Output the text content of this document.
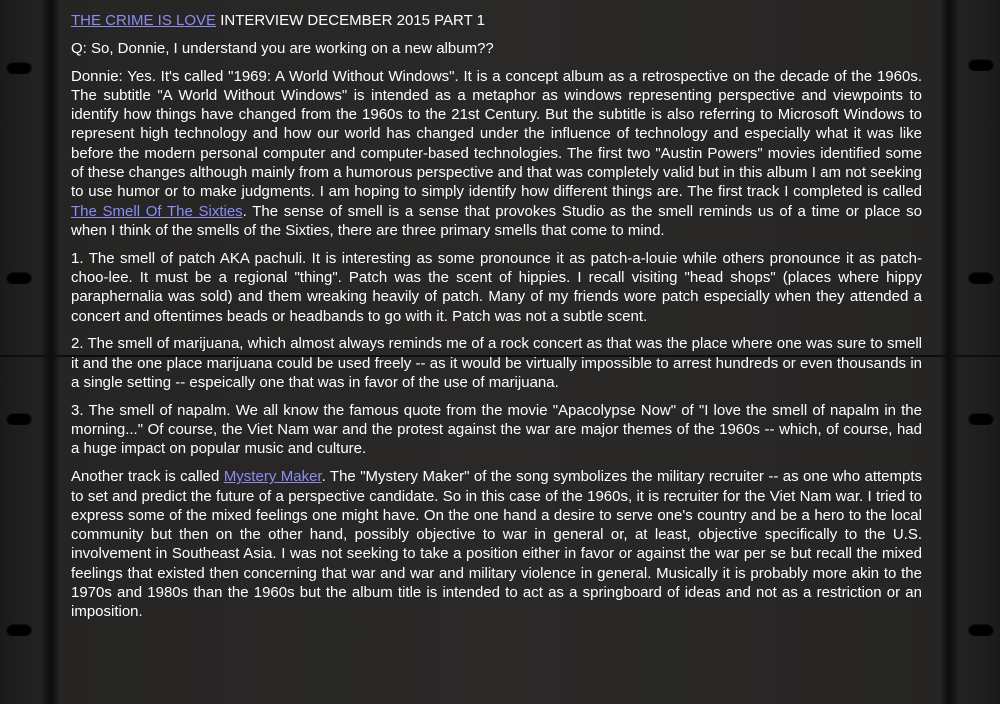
THE CRIME IS LOVE INTERVIEW DECEMBER 2015 PART 1

Q: So, Donnie, I understand you are working on a new album??

Donnie: Yes. It's called "1969: A World Without Windows". It is a concept album as a retrospective on the decade of the 1960s. The subtitle "A World Without Windows" is intended as a metaphor as windows representing perspective and viewpoints to identify how things have changed from the 1960s to the 21st Century. But the subtitle is also referring to Microsoft Windows to represent high technology and how our world has changed under the influence of technology and especially what it was like before the modern personal computer and computer-based technologies. The first two "Austin Powers" movies identified some of these changes although mainly from a humorous perspective and that was completely valid but in this album I am not seeking to use humor or to make judgments. I am hoping to simply identify how different things are. The first track I completed is called The Smell Of The Sixties. The sense of smell is a sense that provokes Studio as the smell reminds us of a time or place so when I think of the smells of the Sixties, there are three primary smells that come to mind.

1. The smell of patch AKA pachuli. It is interesting as some pronounce it as patch-a-louie while others pronounce it as patch-choo-lee. It must be a regional "thing". Patch was the scent of hippies. I recall visiting "head shops" (places where hippy paraphernalia was sold) and them wreaking heavily of patch. Many of my friends wore patch especially when they attended a concert and oftentimes beads or headbands to go with it. Patch was not a subtle scent.

2. The smell of marijuana, which almost always reminds me of a rock concert as that was the place where one was sure to smell it and the one place marijuana could be used freely -- as it would be virtually impossible to arrest hundreds or even thousands in a single setting -- espeically one that was in favor of the use of marijuana.

3. The smell of napalm. We all know the famous quote from the movie "Apacolypse Now" of "I love the smell of napalm in the morning..." Of course, the Viet Nam war and the protest against the war are major themes of the 1960s -- which, of course, had a huge impact on popular music and culture.

Another track is called Mystery Maker. The "Mystery Maker" of the song symbolizes the military recruiter -- as one who attempts to set and predict the future of a perspective candidate. So in this case of the 1960s, it is recruiter for the Viet Nam war. I tried to express some of the mixed feelings one might have. On the one hand a desire to serve one's country and be a hero to the local community but then on the other hand, possibly objective to war in general or, at least, objective specifically to the U.S. involvement in Southeast Asia. I was not seeking to take a position either in favor or against the war per se but recall the mixed feelings that existed then concerning that war and war and military violence in general. Musically it is probably more akin to the 1970s and 1980s than the 1960s but the album title is intended to act as a springboard of ideas and not as a restriction or an imposition.
